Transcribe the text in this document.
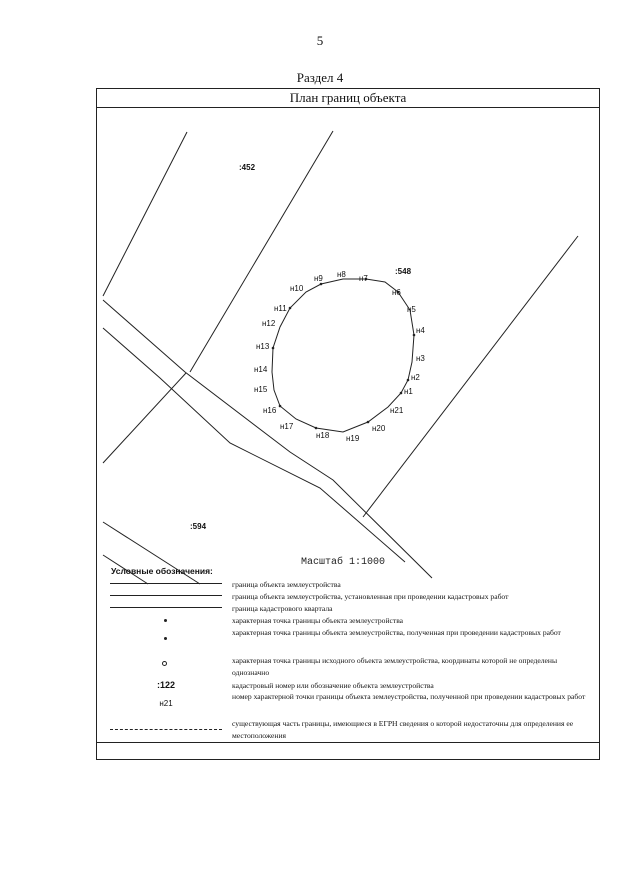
5
Раздел 4
План границ объекта
:452
:548
:594
н1
н2
н3
н4
н5
н6
н7
н8
н9
н10
н11
н12
н13
н14
н15
н16
н17
н18 н19
н20
н21
Масштаб 1:1000
Условные обозначения:
граница объекта землеустройства
граница объекта землеустройства, установленная при проведении кадастровых работ
граница кадастрового квартала
характерная точка границы объекта землеустройства
характерная точка границы объекта землеустройства, полученная при проведении кадастровых работ
характерная точка границы исходного объекта землеустройства, координаты которой не определены однозначно
:122	кадастровый номер или обозначение объекта землеустройства
н21
номер характерной точки границы объекта землеустройства, полученной при проведении кадастровых работ
существующая часть границы, имеющиеся в ЕГРН сведения о которой недостаточны для определения ее местоположения
